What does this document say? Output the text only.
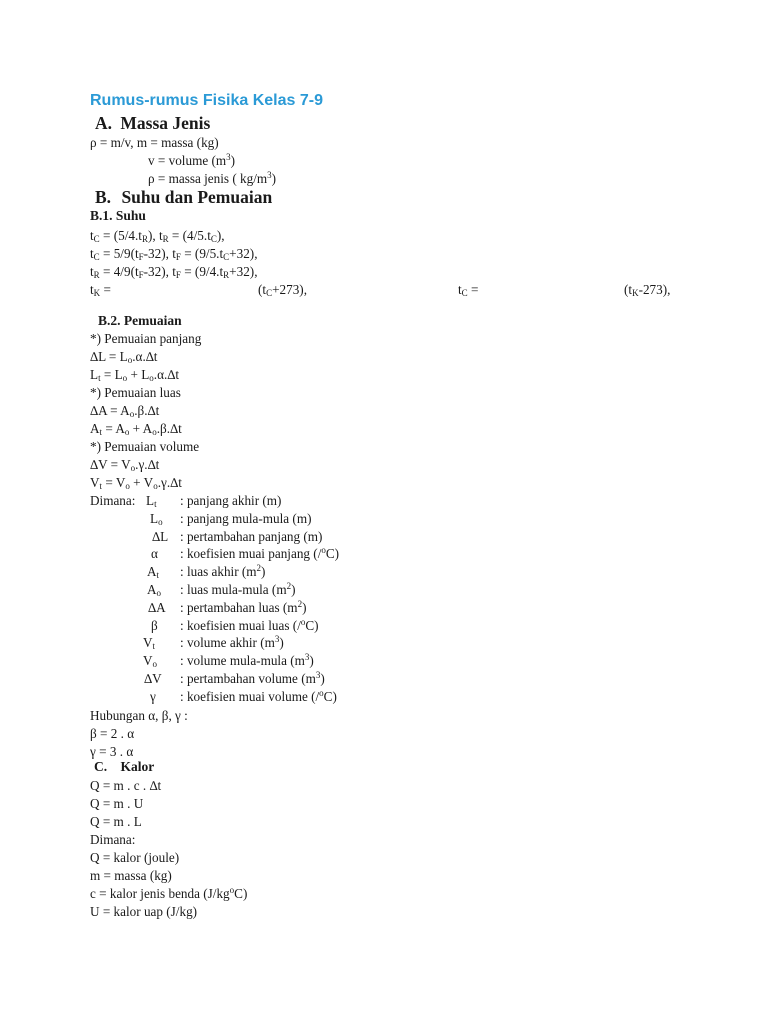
Rumus-rumus Fisika Kelas 7-9
A. Massa Jenis
ρ = m/v, m = massa (kg)
v = volume $(m^3)$
ρ = massa jenis ( $kg/m^3$)
B. Suhu dan Pemuaian
B.1. Suhu
$t_C = (5/4.t_R)$, $t_R = (4/5.t_C)$,
$t_C = 5/9(t_F-32)$, $t_F = (9/5.t_C+32)$,
$t_R = 4/9(t_F-32)$, $t_F = (9/4.t_R+32)$,
$t_K$ =	$(t_C+273)$,	$t_C$ =	$(t_K-273)$,
B.2. Pemuaian
*) Pemuaian panjang
$\Delta L = L_o.\alpha.\Delta t$
$L_t = L_o + L_o.\alpha.\Delta t$
*) Pemuaian luas
$\Delta A = A_o.\beta.\Delta t$
$A_t = A_o + A_o.\beta.\Delta t$
*) Pemuaian volume
$\Delta V = V_o.\gamma.\Delta t$
$V_t = V_o + V_o.\gamma.\Delta t$
Dimana: $L_t$ : panjang akhir (m)
$L_o$ : panjang mula-mula (m)
∆L : pertambahan panjang (m)
α : koefisien muai panjang (/$^o$C)
$A_t$ : luas akhir $(m^2)$
$A_o$ : luas mula-mula $(m^2)$
∆A : pertambahan luas $(m^2)$
β : koefisien muai luas (/$^o$C)
$V_t$ : volume akhir $(m^3)$
$V_o$ : volume mula-mula $(m^3)$
∆V : pertambahan volume $(m^3)$
γ : koefisien muai volume (/$^o$C)
Hubungan α, β, γ :
β = 2 . α
γ = 3 . α
C. Kalor
Q = m . c . ∆t
Q = m . U
Q = m . L
Dimana:
Q = kalor (joule)
m = massa (kg)
c = kalor jenis benda $(J/kg^oC)$
U = kalor uap (J/kg)
